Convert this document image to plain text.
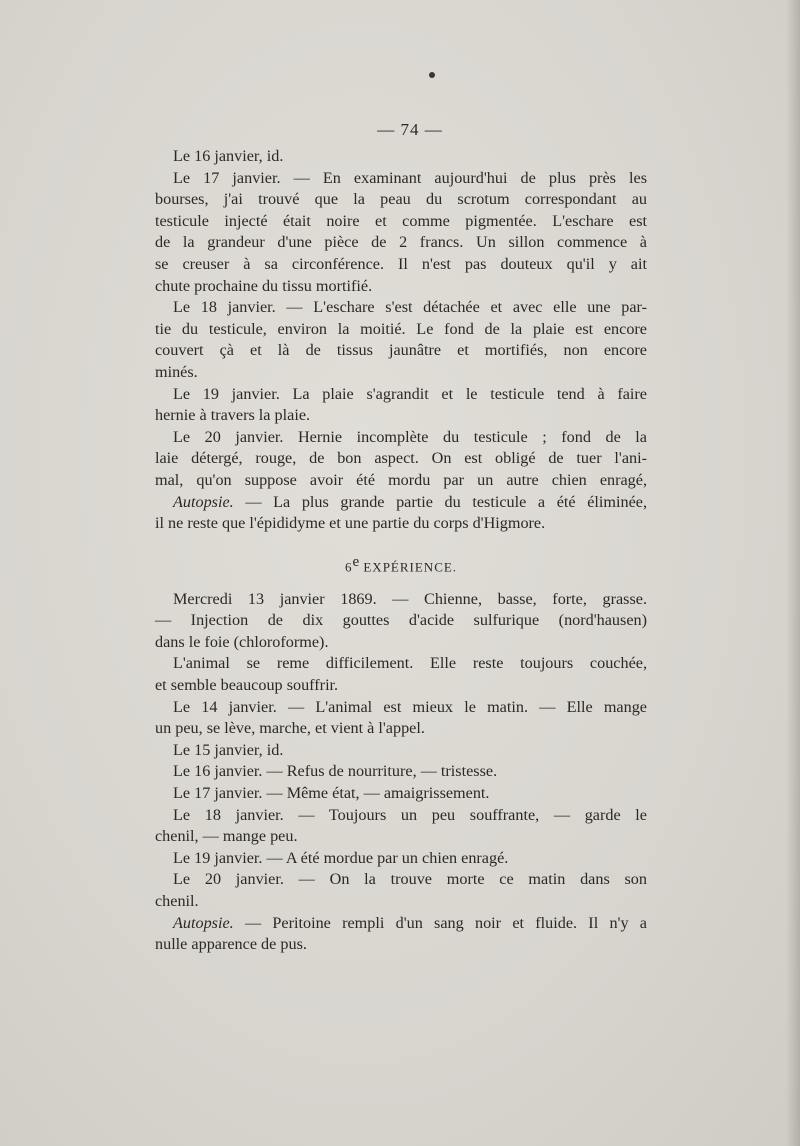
— 74 —
Le 16 janvier, id.
Le 17 janvier. — En examinant aujourd'hui de plus près les
bourses, j'ai trouvé que la peau du scrotum correspondant au
testicule injecté était noire et comme pigmentée. L'eschare est
de la grandeur d'une pièce de 2 francs. Un sillon commence à
se creuser à sa circonférence. Il n'est pas douteux qu'il y ait
chute prochaine du tissu mortifié.
Le 18 janvier. — L'eschare s'est détachée et avec elle une par-
tie du testicule, environ la moitié. Le fond de la plaie est encore
couvert çà et là de tissus jaunâtre et mortifiés, non encore
minés.
Le 19 janvier. La plaie s'agrandit et le testicule tend à faire
hernie à travers la plaie.
Le 20 janvier. Hernie incomplète du testicule ; fond de la
laie détergé, rouge, de bon aspect. On est obligé de tuer l'ani-
mal, qu'on suppose avoir été mordu par un autre chien enragé,
Autopsie. — La plus grande partie du testicule a été éliminée,
il ne reste que l'épididyme et une partie du corps d'Higmore.
6e EXPÉRIENCE.
Mercredi 13 janvier 1869. — Chienne, basse, forte, grasse.
— Injection de dix gouttes d'acide sulfurique (nord'hausen)
dans le foie (chloroforme).
L'animal se reme difficilement. Elle reste toujours couchée,
et semble beaucoup souffrir.
Le 14 janvier. — L'animal est mieux le matin. — Elle mange
un peu, se lève, marche, et vient à l'appel.
Le 15 janvier, id.
Le 16 janvier. — Refus de nourriture, — tristesse.
Le 17 janvier. — Même état, — amaigrissement.
Le 18 janvier. — Toujours un peu souffrante, — garde le
chenil, — mange peu.
Le 19 janvier. — A été mordue par un chien enragé.
Le 20 janvier. — On la trouve morte ce matin dans son
chenil.
Autopsie. — Peritoine rempli d'un sang noir et fluide. Il n'y a
nulle apparence de pus.
